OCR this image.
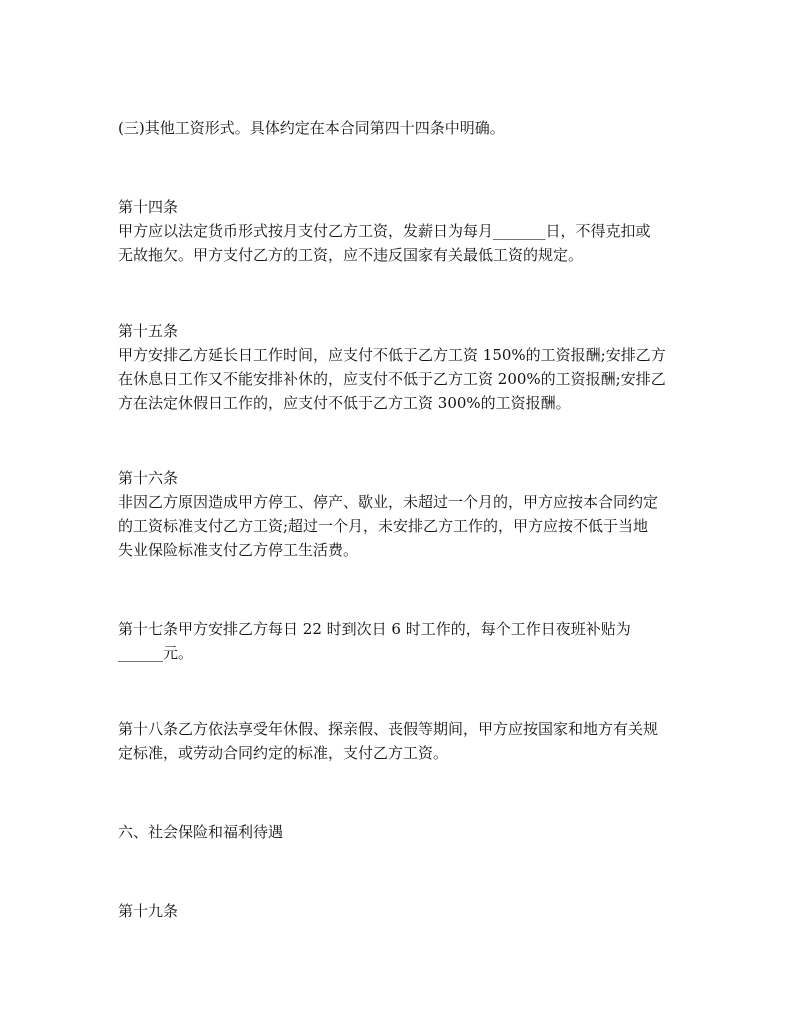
(三)其他工资形式。具体约定在本合同第四十四条中明确。
第十四条
甲方应以法定货币形式按月支付乙方工资，发薪日为每月_______日，不得克扣或
无故拖欠。甲方支付乙方的工资，应不违反国家有关最低工资的规定。
第十五条
甲方安排乙方延长日工作时间，应支付不低于乙方工资 150%的工资报酬;安排乙方
在休息日工作又不能安排补休的，应支付不低于乙方工资 200%的工资报酬;安排乙
方在法定休假日工作的，应支付不低于乙方工资 300%的工资报酬。
第十六条
非因乙方原因造成甲方停工、停产、歇业，未超过一个月的，甲方应按本合同约定
的工资标准支付乙方工资;超过一个月，未安排乙方工作的，甲方应按不低于当地
失业保险标准支付乙方停工生活费。
第十七条甲方安排乙方每日 22 时到次日 6 时工作的，每个工作日夜班补贴为
______元。
第十八条乙方依法享受年休假、探亲假、丧假等期间，甲方应按国家和地方有关规
定标准，或劳动合同约定的标准，支付乙方工资。
六、社会保险和福利待遇
第十九条
